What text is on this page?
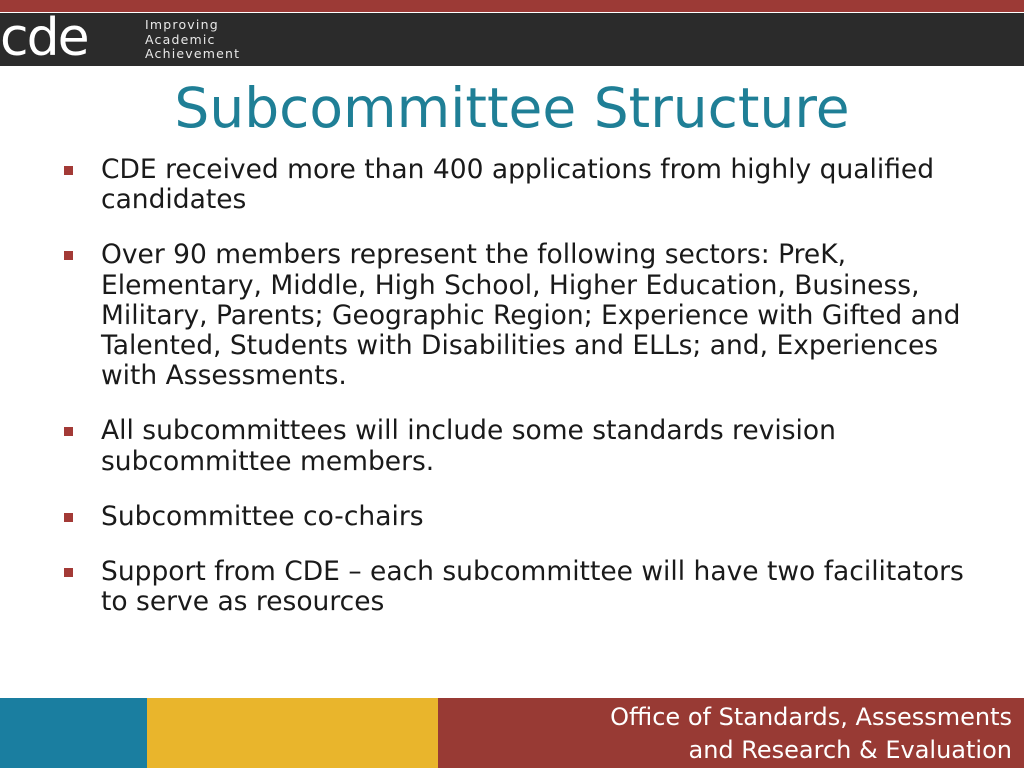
cde	Improving
Academic
Achievement
Subcommittee Structure
CDE received more than 400 applications from highly qualified candidates
Over 90 members represent the following sectors: PreK, Elementary, Middle, High School, Higher Education, Business, Military, Parents; Geographic Region; Experience with Gifted and Talented, Students with Disabilities and ELLs; and, Experiences with Assessments.
All subcommittees will include some standards revision subcommittee members.
Subcommittee co-chairs
Support from CDE – each subcommittee will have two facilitators to serve as resources
Office of Standards, Assessments
and Research & Evaluation
